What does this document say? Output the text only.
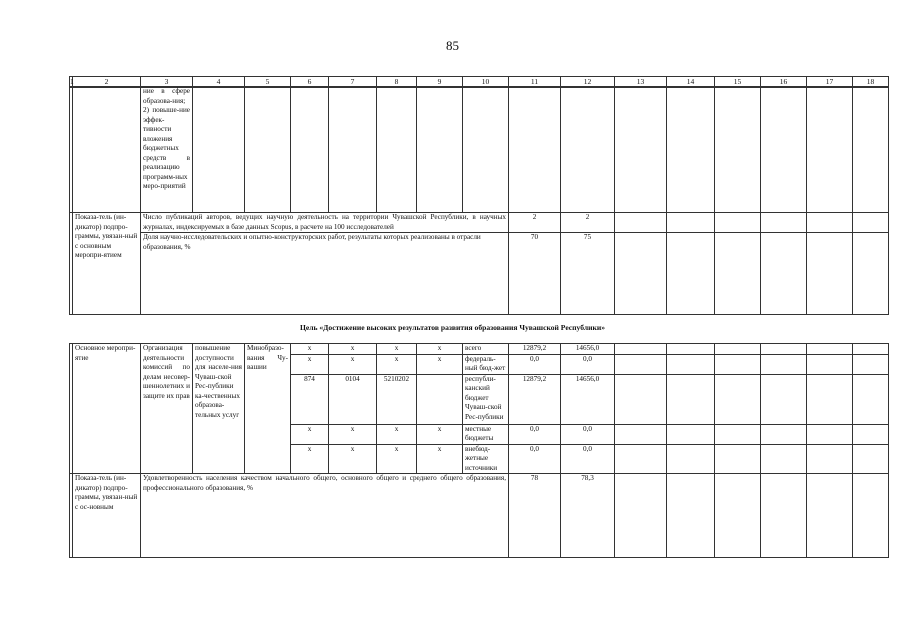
85
1	2	3	4	5	6	7	8	9	10	11	12	13	14	15	16	17	18
		ние в сфере образова-ния; 2) повыше-ние эффек-тивности вложения бюджетных средств в реализацию программ-ных меро-приятий															
	Показа-тель (ин-дикатор) подпро-граммы, увязан-ный с основным меропри-ятием	Число публикаций авторов, ведущих научную деятельность на территории Чувашской Республики, в научных журналах, индексируемых в базе данных Scopus, в расчете на 100 исследователей								2	2						
		Доля научно-исследовательских и опытно-конструкторских работ, результаты которых реализованы в отрасли образования, %								70	75						
Цель «Достижение высоких результатов развития образования Чувашской Республики»
	Основное меропри-ятие	Организация деятельности комиссий по делам несовер-шеннолетних и защите их прав	повышение доступности для населе-ния Чуваш-ской Рес-публики ка-чественных образова-тельных услуг	Минобразо-вания Чу-вашии	x	x	x	x	всего	12879,2	14656,0						
					x	x	x	x	федераль-ный бюд-жет	0,0	0,0						
					874	0104	5210202		республи-канский бюджет Чуваш-ской Рес-публики	12879,2	14656,0						
					x	x	x	x	местные бюджеты	0,0	0,0						
					x	x	x	x	внебюд-жетные источники	0,0	0,0						
	Показа-тель (ин-дикатор) подпро-граммы, увязан-ный с ос-новным	Удовлетворенность населения качеством начального общего, основного общего и среднего общего образования, профессионального образования, %								78	78,3						
